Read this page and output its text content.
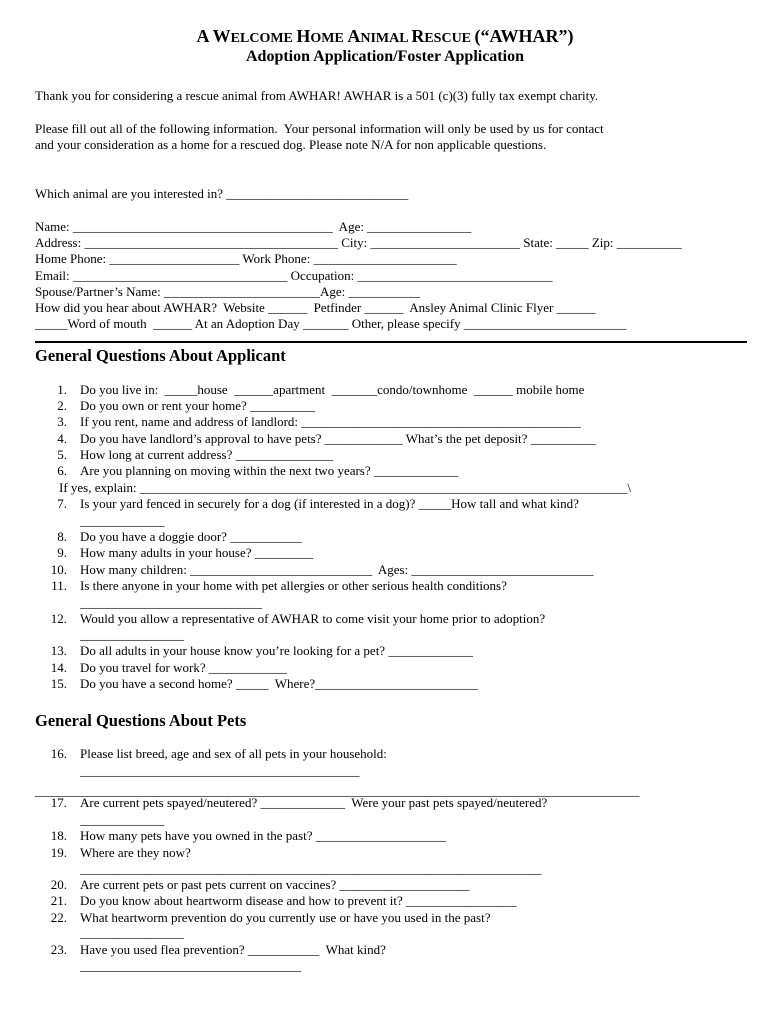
A WELCOME HOME ANIMAL RESCUE (“AWHAR”)
Adoption Application/Foster Application
Thank you for considering a rescue animal from AWHAR! AWHAR is a 501 (c)(3) fully tax exempt charity.
Please fill out all of the following information.  Your personal information will only be used by us for contact
and your consideration as a home for a rescued dog. Please note N/A for non applicable questions.
Which animal are you interested in? ____________________________
Name: ________________________________________  Age: ________________
Address: _______________________________________ City: _______________________ State: _____ Zip: __________
Home Phone: ____________________ Work Phone: ______________________
Email: _________________________________ Occupation: ______________________________
Spouse/Partner’s Name: ________________________Age: ___________
How did you hear about AWHAR?  Website ______  Petfinder ______  Ansley Animal Clinic Flyer ______
_____Word of mouth  ______ At an Adoption Day _______ Other, please specify _________________________
General Questions About Applicant
1. Do you live in:  _____house  ______apartment  _______condo/townhome  ______ mobile home
2. Do you own or rent your home? __________
3. If you rent, name and address of landlord: ___________________________________________
4. Do you have landlord’s approval to have pets? ____________ What’s the pet deposit? __________
5. How long at current address? _______________
6. Are you planning on moving within the next two years? _____________
If yes, explain: ___________________________________________________________________________\
7. Is your yard fenced in securely for a dog (if interested in a dog)? _____How tall and what kind?
_____________
8. Do you have a doggie door? ___________
9. How many adults in your house? _________
10. How many children: ____________________________  Ages: ____________________________
11. Is there anyone in your home with pet allergies or other serious health conditions?
____________________________
12. Would you allow a representative of AWHAR to come visit your home prior to adoption?
________________
13. Do all adults in your house know you’re looking for a pet? _____________
14. Do you travel for work? ____________
15. Do you have a second home? _____  Where?_________________________
General Questions About Pets
16. Please list breed, age and sex of all pets in your household:
___________________________________________
_____________________________________________________________________________________________
17. Are current pets spayed/neutered? _____________  Were your past pets spayed/neutered?
_____________
18. How many pets have you owned in the past? ____________________
19. Where are they now?
_______________________________________________________________________
20. Are current pets or past pets current on vaccines? ____________________
21. Do you know about heartworm disease and how to prevent it? _________________
22. What heartworm prevention do you currently use or have you used in the past?
________________
23. Have you used flea prevention? ___________  What kind?
__________________________________
